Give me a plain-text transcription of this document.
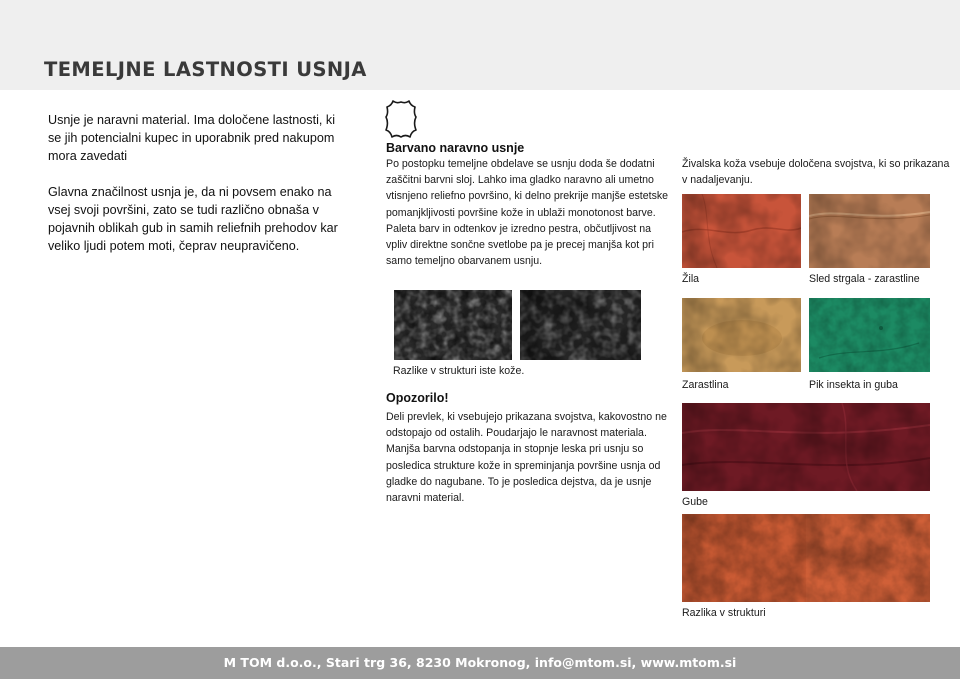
TEMELJNE LASTNOSTI USNJA

Usnje je naravni material. Ima določene lastnosti, ki se jih potencialni kupec in uporabnik pred nakupom mora zavedati

Glavna značilnost usnja je, da ni povsem enako na vsej svoji površini, zato se tudi različno obnaša v pojavnih oblikah gub in samih reliefnih prehodov kar veliko ljudi potem moti, čeprav neupravičeno.

Barvano naravno usnje
Po postopku temeljne obdelave se usnju doda še dodatni zaščitni barvni sloj. Lahko ima gladko naravno ali umetno vtisnjeno reliefno površino, ki delno prekrije manjše estetske pomanjkljivosti površine kože in ublaži monotonost barve. Paleta barv in odtenkov je izredno pestra, občutljivost na vpliv direktne sončne svetlobe pa je precej manjša kot pri samo temeljno obarvanem usnju.
Razlike v strukturi iste kože.
Opozorilo!
Deli prevlek, ki vsebujejo prikazana svojstva, kakovostno ne odstopajo od ostalih. Poudarjajo le naravnost materiala. Manjša barvna odstopanja in stopnje leska pri usnju so posledica strukture kože in spreminjanja površine usnja od gladke do nagubane. To je posledica dejstva, da je usnje naravni material.
Živalska koža vsebuje določena svojstva, ki so prikazana v nadaljevanju.
Žila	Sled strgala - zarastline
Zarastlina	Pik insekta in guba
Gube
Razlika v strukturi
M TOM d.o.o., Stari trg 36, 8230 Mokronog, info@mtom.si, www.mtom.si
